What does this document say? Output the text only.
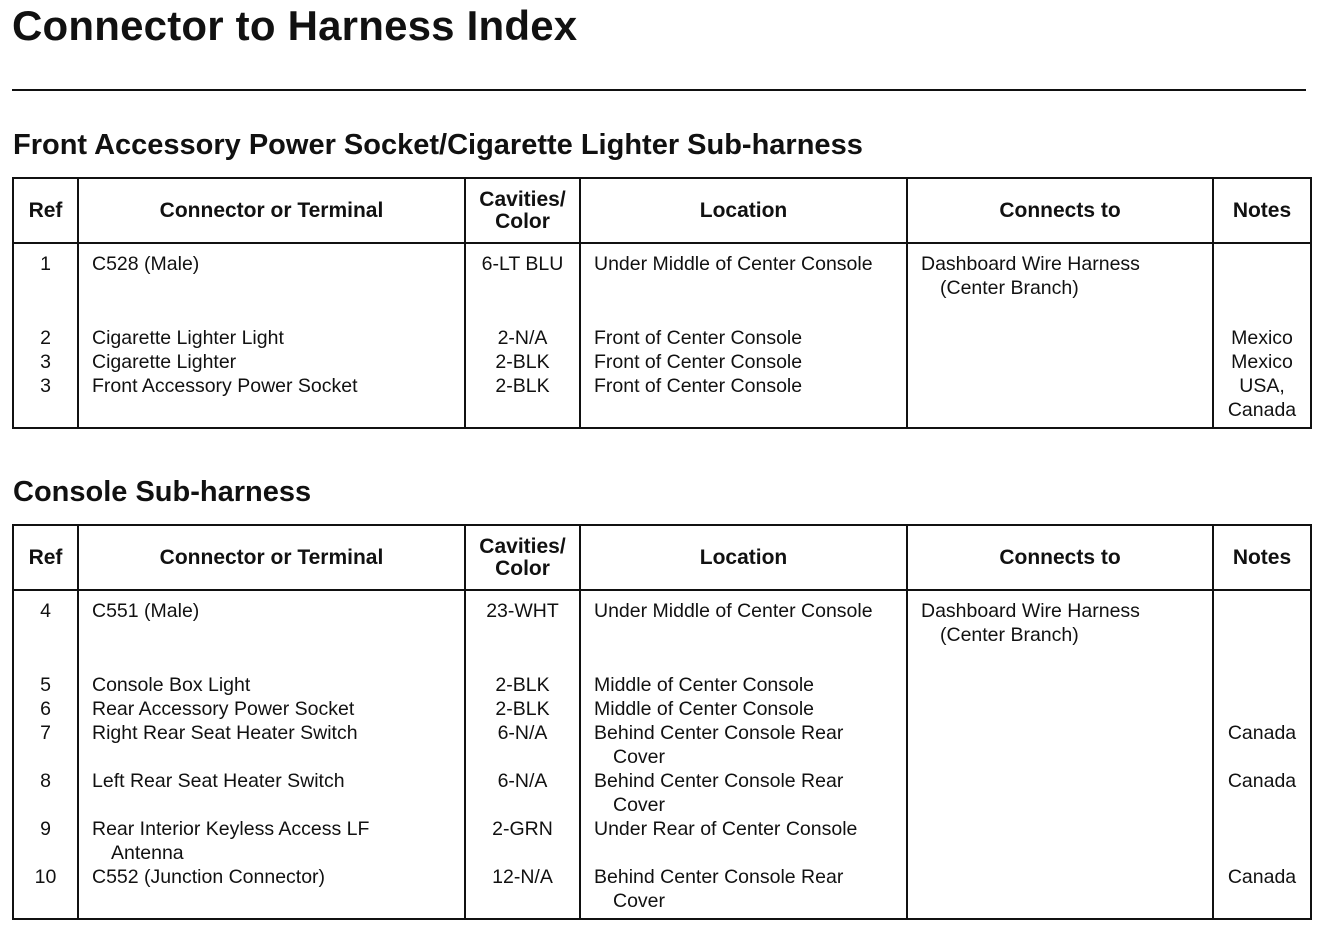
Connector to Harness Index
Front Accessory Power Socket/Cigarette Lighter Sub-harness
Ref	Connector or Terminal	Cavities/ Color	Location	Connects to	Notes
1	C528 (Male)	6-LT BLU	Under Middle of Center Console	Dashboard Wire Harness (Center Branch)	

2	Cigarette Lighter Light	2-N/A	Front of Center Console		Mexico
3	Cigarette Lighter	2-BLK	Front of Center Console		Mexico
3	Front Accessory Power Socket	2-BLK	Front of Center Console		USA, Canada
Console Sub-harness
Ref	Connector or Terminal	Cavities/ Color	Location	Connects to	Notes
4	C551 (Male)	23-WHT	Under Middle of Center Console	Dashboard Wire Harness (Center Branch)	

5	Console Box Light	2-BLK	Middle of Center Console		

6	Rear Accessory Power Socket	2-BLK	Middle of Center Console		

7	Right Rear Seat Heater Switch	6-N/A	Behind Center Console Rear Cover		Canada
8	Left Rear Seat Heater Switch	6-N/A	Behind Center Console Rear Cover		Canada
9	Rear Interior Keyless Access LF Antenna	2-GRN	Under Rear of Center Console		

10	C552 (Junction Connector)	12-N/A	Behind Center Console Rear Cover		Canada
